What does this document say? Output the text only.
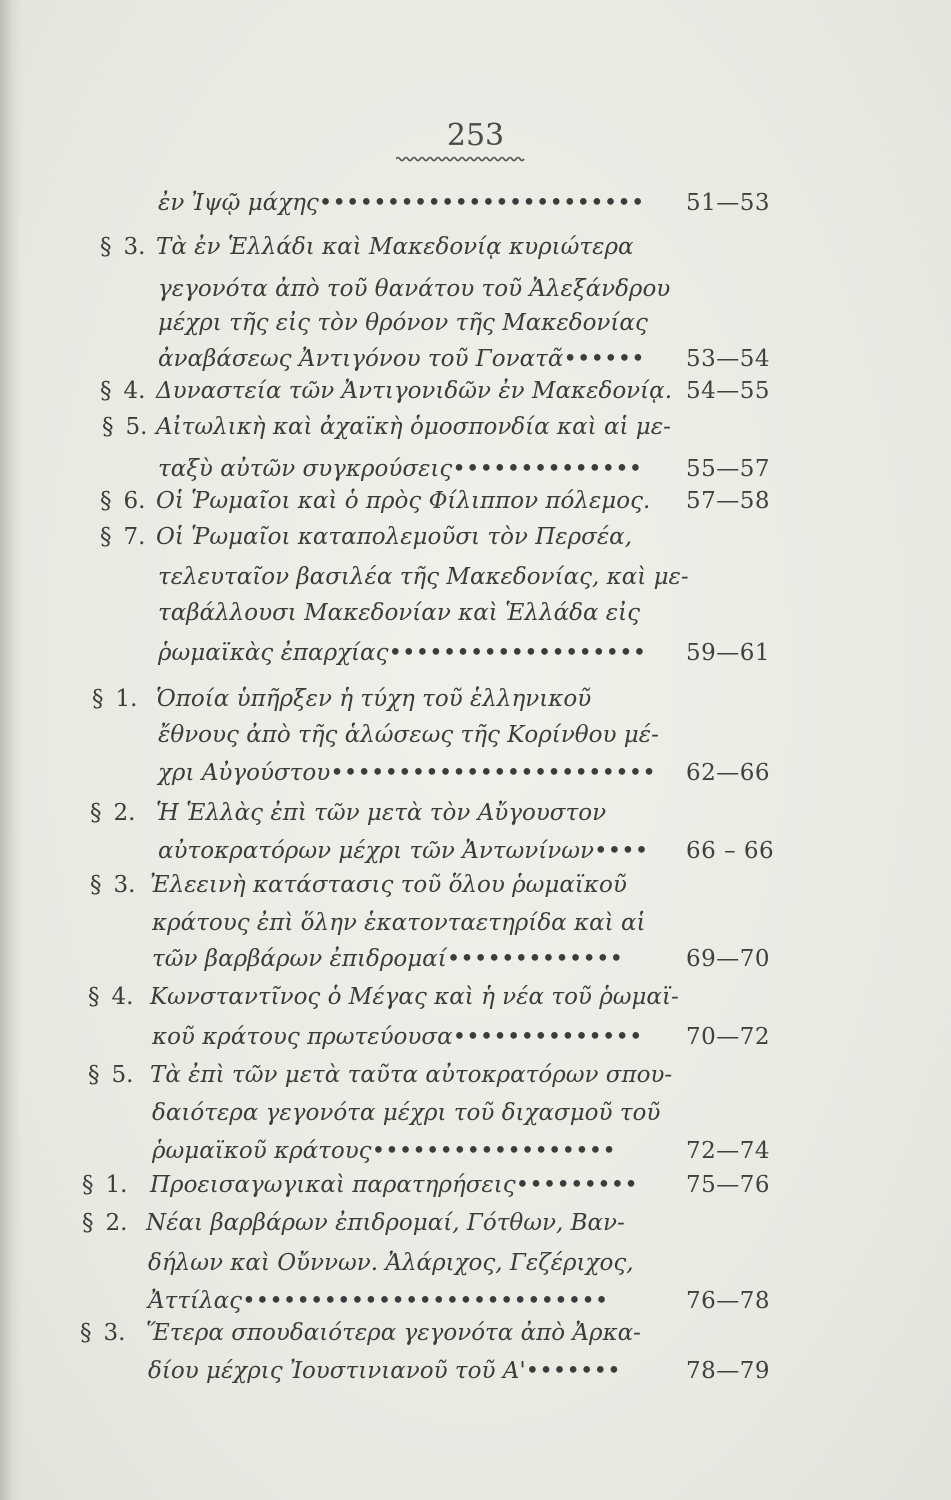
253
ἐν Ἰψῷ μάχης•••••••••••••••••••••••• 51—53
§ 3. Τὰ ἐν Ἑλλάδι καὶ Μακεδονίᾳ κυριώτερα
γεγονότα ἀπὸ τοῦ θανάτου τοῦ Ἀλεξάνδρου
μέχρι τῆς εἰς τὸν θρόνον τῆς Μακεδονίας
ἀναβάσεως Ἀντιγόνου τοῦ Γονατᾶ•••••• 53—54
§ 4. Δυναστεία τῶν Ἀντιγονιδῶν ἐν Μακεδονίᾳ. 54—55
§ 5. Αἰτωλικὴ καὶ ἀχαϊκὴ ὁμοσπονδία καὶ αἱ με-
ταξὺ αὐτῶν συγκρούσεις•••••••••••••• 55—57
§ 6. Οἱ Ῥωμαῖοι καὶ ὁ πρὸς Φίλιππον πόλεμος. 57—58
§ 7. Οἱ Ῥωμαῖοι καταπολεμοῦσι τὸν Περσέα,
τελευταῖον βασιλέα τῆς Μακεδονίας, καὶ με-
ταβάλλουσι Μακεδονίαν καὶ Ἑλλάδα εἰς
ῥωμαϊκὰς ἐπαρχίας••••••••••••••••••• 59—61
§ 1. Ὁποία ὑπῆρξεν ἡ τύχη τοῦ ἑλληνικοῦ
ἔθνους ἀπὸ τῆς ἁλώσεως τῆς Κορίνθου μέ-
χρι Αὐγούστου•••••••••••••••••••••••• 62—66
§ 2. Ἡ Ἑλλὰς ἐπὶ τῶν μετὰ τὸν Αὔγουστον
αὐτοκρατόρων μέχρι τῶν Ἀντωνίνων•••• 66 – 66
§ 3. Ἐλεεινὴ κατάστασις τοῦ ὅλου ῥωμαϊκοῦ
κράτους ἐπὶ ὅλην ἑκατονταετηρίδα καὶ αἱ
τῶν βαρβάρων ἐπιδρομαί•••••••••••••	69—70
§ 4. Κωνσταντῖνος ὁ Μέγας καὶ ἡ νέα τοῦ ῥωμαϊ-
κοῦ κράτους πρωτεύουσα•••••••••••••• 70—72
§ 5. Τὰ ἐπὶ τῶν μετὰ ταῦτα αὐτοκρατόρων σπου-
δαιότερα γεγονότα μέχρι τοῦ διχασμοῦ τοῦ
ῥωμαϊκοῦ κράτους••••••••••••••••••	72—74
§ 1. Προεισαγωγικαὶ παρατηρήσεις••••••••• 75—76
§ 2. Νέαι βαρβάρων ἐπιδρομαί, Γότθων, Βαν-
δήλων καὶ Οὔννων. Ἀλάριχος, Γεζέριχος,
Ἀττίλας•••••••••••••••••••••••••••	76—78
§ 3. Ἕτερα σπουδαιότερα γεγονότα ἀπὸ Ἀρκα-
δίου μέχρις Ἰουστινιανοῦ τοῦ Α'•••••••	78—79
